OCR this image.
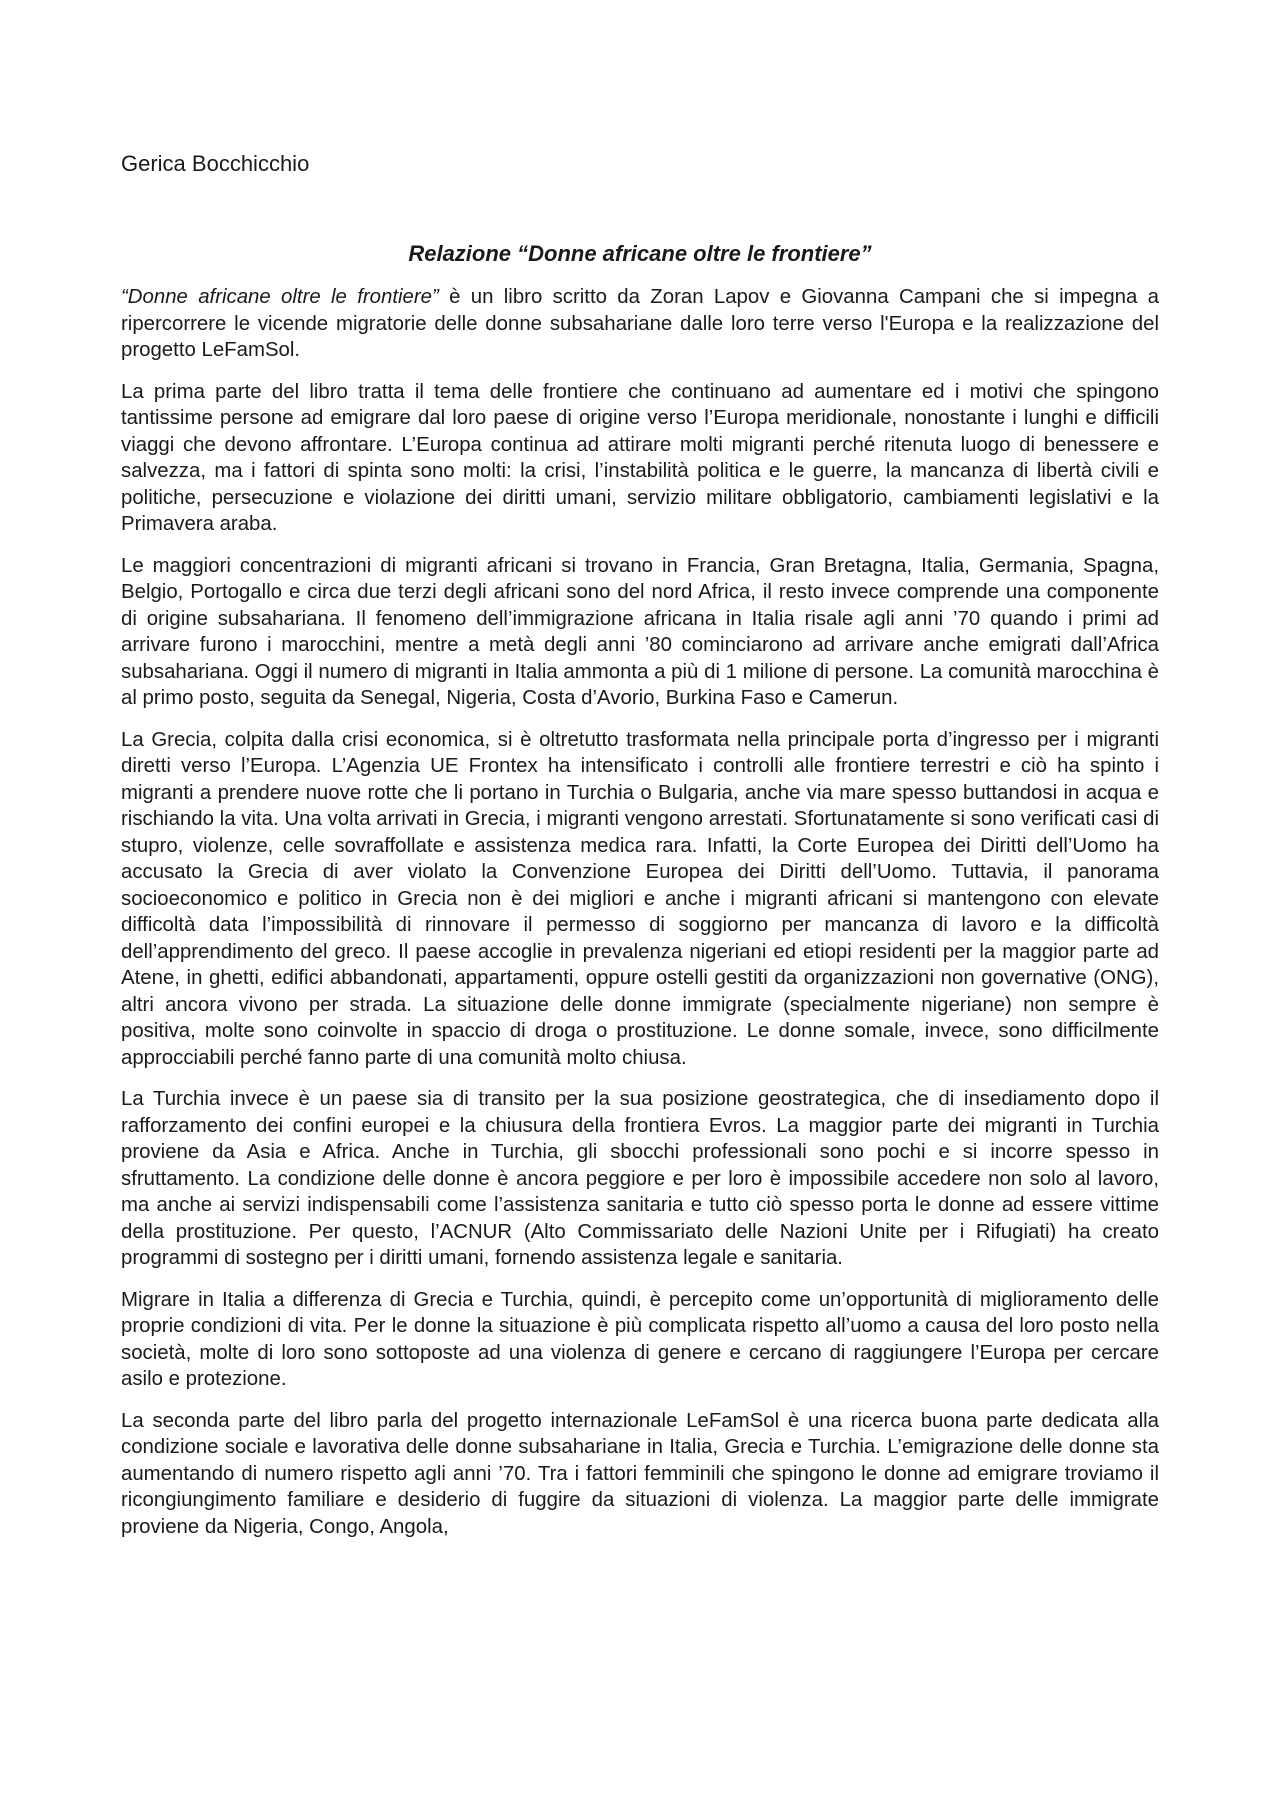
Gerica Bocchicchio

Relazione “Donne africane oltre le frontiere”

“Donne africane oltre le frontiere” è un libro scritto da Zoran Lapov e Giovanna Campani che si impegna a ripercorrere le vicende migratorie delle donne subsahariane dalle loro terre verso l'Europa e la realizzazione del progetto LeFamSol.

La prima parte del libro tratta il tema delle frontiere che continuano ad aumentare ed i motivi che spingono tantissime persone ad emigrare dal loro paese di origine verso l’Europa meridionale, nonostante i lunghi e difficili viaggi che devono affrontare. L’Europa continua ad attirare molti migranti perché ritenuta luogo di benessere e salvezza, ma i fattori di spinta sono molti: la crisi, l’instabilità politica e le guerre, la mancanza di libertà civili e politiche, persecuzione e violazione dei diritti umani, servizio militare obbligatorio, cambiamenti legislativi e la Primavera araba.

Le maggiori concentrazioni di migranti africani si trovano in Francia, Gran Bretagna, Italia, Germania, Spagna, Belgio, Portogallo e circa due terzi degli africani sono del nord Africa, il resto invece comprende una componente di origine subsahariana. Il fenomeno dell’immigrazione africana in Italia risale agli anni ’70 quando i primi ad arrivare furono i marocchini, mentre a metà degli anni ’80 cominciarono ad arrivare anche emigrati dall’Africa subsahariana. Oggi il numero di migranti in Italia ammonta a più di 1 milione di persone. La comunità marocchina è al primo posto, seguita da Senegal, Nigeria, Costa d’Avorio, Burkina Faso e Camerun.

La Grecia, colpita dalla crisi economica, si è oltretutto trasformata nella principale porta d’ingresso per i migranti diretti verso l’Europa. L’Agenzia UE Frontex ha intensificato i controlli alle frontiere terrestri e ciò ha spinto i migranti a prendere nuove rotte che li portano in Turchia o Bulgaria, anche via mare spesso buttandosi in acqua e rischiando la vita. Una volta arrivati in Grecia, i migranti vengono arrestati. Sfortunatamente si sono verificati casi di stupro, violenze, celle sovraffollate e assistenza medica rara. Infatti, la Corte Europea dei Diritti dell’Uomo ha accusato la Grecia di aver violato la Convenzione Europea dei Diritti dell’Uomo. Tuttavia, il panorama socioeconomico e politico in Grecia non è dei migliori e anche i migranti africani si mantengono con elevate difficoltà data l’impossibilità di rinnovare il permesso di soggiorno per mancanza di lavoro e la difficoltà dell’apprendimento del greco. Il paese accoglie in prevalenza nigeriani ed etiopi residenti per la maggior parte ad Atene, in ghetti, edifici abbandonati, appartamenti, oppure ostelli gestiti da organizzazioni non governative (ONG), altri ancora vivono per strada. La situazione delle donne immigrate (specialmente nigeriane) non sempre è positiva, molte sono coinvolte in spaccio di droga o prostituzione. Le donne somale, invece, sono difficilmente approcciabili perché fanno parte di una comunità molto chiusa.

La Turchia invece è un paese sia di transito per la sua posizione geostrategica, che di insediamento dopo il rafforzamento dei confini europei e la chiusura della frontiera Evros. La maggior parte dei migranti in Turchia proviene da Asia e Africa. Anche in Turchia, gli sbocchi professionali sono pochi e si incorre spesso in sfruttamento. La condizione delle donne è ancora peggiore e per loro è impossibile accedere non solo al lavoro, ma anche ai servizi indispensabili come l’assistenza sanitaria e tutto ciò spesso porta le donne ad essere vittime della prostituzione. Per questo, l’ACNUR (Alto Commissariato delle Nazioni Unite per i Rifugiati) ha creato programmi di sostegno per i diritti umani, fornendo assistenza legale e sanitaria.

Migrare in Italia a differenza di Grecia e Turchia, quindi, è percepito come un’opportunità di miglioramento delle proprie condizioni di vita. Per le donne la situazione è più complicata rispetto all’uomo a causa del loro posto nella società, molte di loro sono sottoposte ad una violenza di genere e cercano di raggiungere l’Europa per cercare asilo e protezione.

La seconda parte del libro parla del progetto internazionale LeFamSol è una ricerca buona parte dedicata alla condizione sociale e lavorativa delle donne subsahariane in Italia, Grecia e Turchia. L’emigrazione delle donne sta aumentando di numero rispetto agli anni ’70. Tra i fattori femminili che spingono le donne ad emigrare troviamo il ricongiungimento familiare e desiderio di fuggire da situazioni di violenza. La maggior parte delle immigrate proviene da Nigeria, Congo, Angola,
